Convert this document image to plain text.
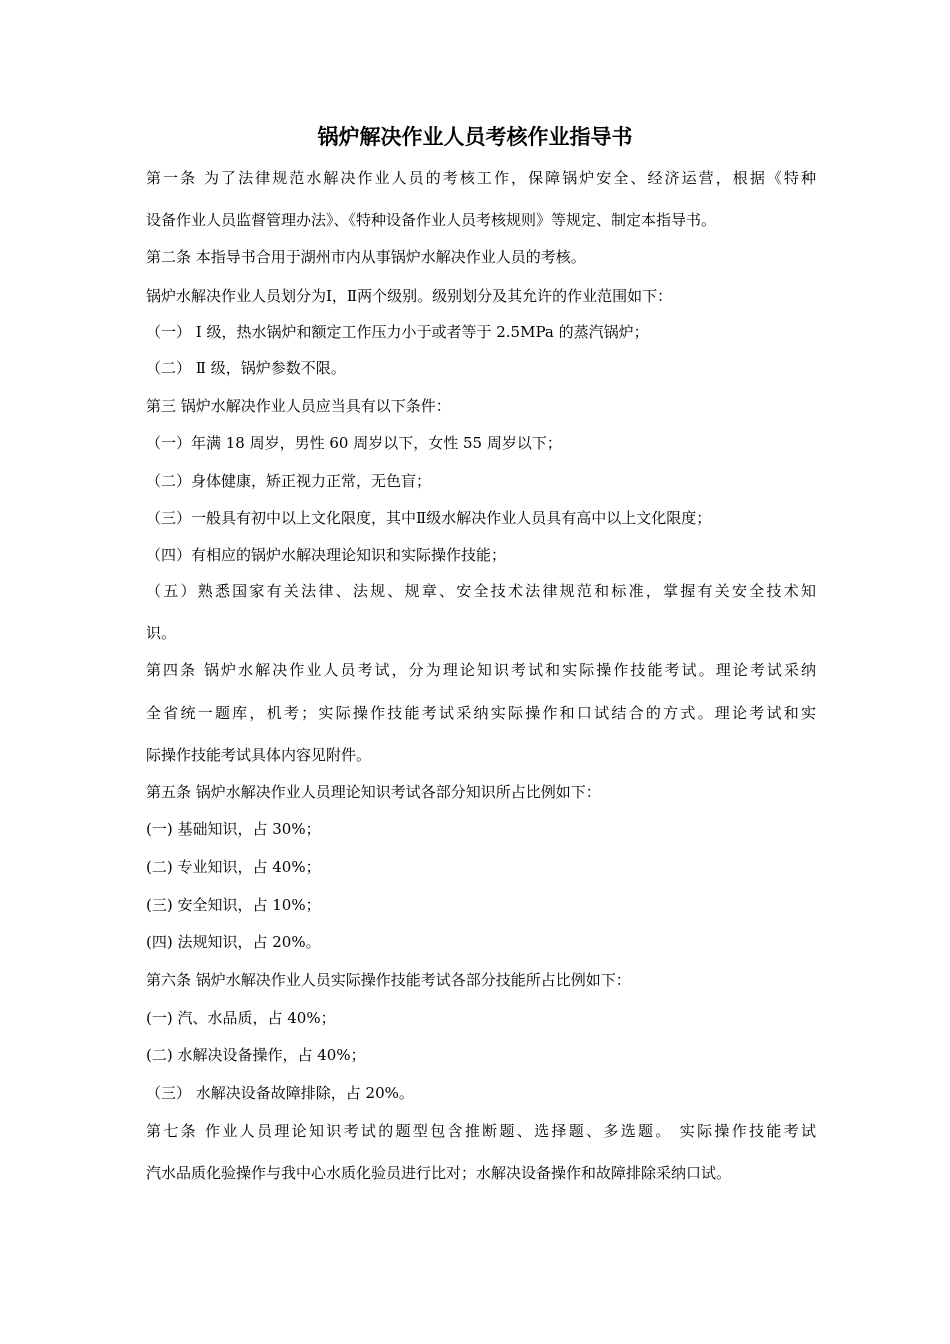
锅炉解决作业人员考核作业指导书
第一条 为了法律规范水解决作业人员的考核工作，保障锅炉安全、经济运营，根据《特种
设备作业人员监督管理办法》、《特种设备作业人员考核规则》等规定、制定本指导书。
第二条 本指导书合用于湖州市内从事锅炉水解决作业人员的考核。
锅炉水解决作业人员划分为Ⅰ，Ⅱ两个级别。级别划分及其允许的作业范围如下：
（一） Ⅰ 级，热水锅炉和额定工作压力小于或者等于 2.5MPa 的蒸汽锅炉；
（二） Ⅱ 级，锅炉参数不限。
第三 锅炉水解决作业人员应当具有以下条件：
（一）年满 18 周岁，男性 60 周岁以下，女性 55 周岁以下；
（二）身体健康，矫正视力正常，无色盲；
（三）一般具有初中以上文化限度，其中Ⅱ级水解决作业人员具有高中以上文化限度；
（四）有相应的锅炉水解决理论知识和实际操作技能；
（五）熟悉国家有关法律、法规、规章、安全技术法律规范和标准，掌握有关安全技术知
识。
第四条 锅炉水解决作业人员考试，分为理论知识考试和实际操作技能考试。理论考试采纳
全省统一题库，机考；实际操作技能考试采纳实际操作和口试结合的方式。理论考试和实
际操作技能考试具体内容见附件。
第五条 锅炉水解决作业人员理论知识考试各部分知识所占比例如下：
(一) 基础知识，占 30%；
(二) 专业知识，占 40%；
(三) 安全知识，占 10%；
(四) 法规知识，占 20%。
第六条 锅炉水解决作业人员实际操作技能考试各部分技能所占比例如下：
(一) 汽、水品质，占 40%；
(二) 水解决设备操作，占 40%；
（三） 水解决设备故障排除，占 20%。
第七条 作业人员理论知识考试的题型包含推断题、选择题、多选题。 实际操作技能考试
汽水品质化验操作与我中心水质化验员进行比对；水解决设备操作和故障排除采纳口试。
